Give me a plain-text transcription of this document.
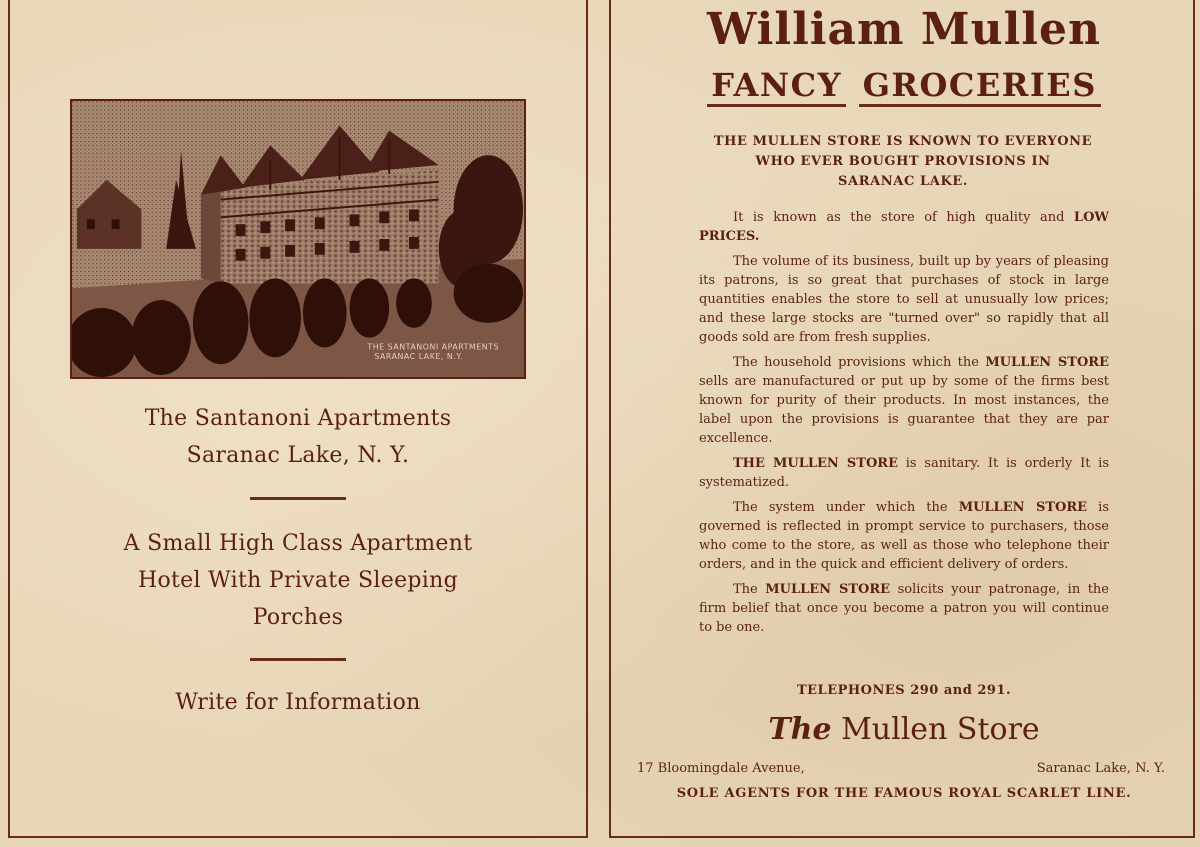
THE SANTANONI APARTMENTS
SARANAC LAKE, N.Y.
The Santanoni Apartments
Saranac Lake, N. Y.
A Small High Class Apartment
Hotel With Private Sleeping
Porches
Write for Information
William Mullen
FANCY GROCERIES
THE MULLEN STORE IS KNOWN TO EVERYONE
WHO EVER BOUGHT PROVISIONS IN
SARANAC LAKE.

It is known as the store of high quality and LOW PRICES.

The volume of its business, built up by years of pleasing its patrons, is so great that purchases of stock in large quantities enables the store to sell at unusually low prices; and these large stocks are "turned over" so rapidly that all goods sold are from fresh supplies.

The household provisions which the MULLEN STORE sells are manufactured or put up by some of the firms best known for purity of their products. In most instances, the label upon the provisions is guarantee that they are par excellence.

THE MULLEN STORE is sanitary. It is orderly It is systematized.

The system under which the MULLEN STORE is governed is reflected in prompt service to purchasers, those who come to the store, as well as those who telephone their orders, and in the quick and efficient delivery of orders.

The MULLEN STORE solicits your patronage, in the firm belief that once you become a patron you will continue to be one.

TELEPHONES 290 and 291.
The Mullen Store
17 Bloomingdale Avenue,	Saranac Lake, N. Y.
SOLE AGENTS FOR THE FAMOUS ROYAL SCARLET LINE.
